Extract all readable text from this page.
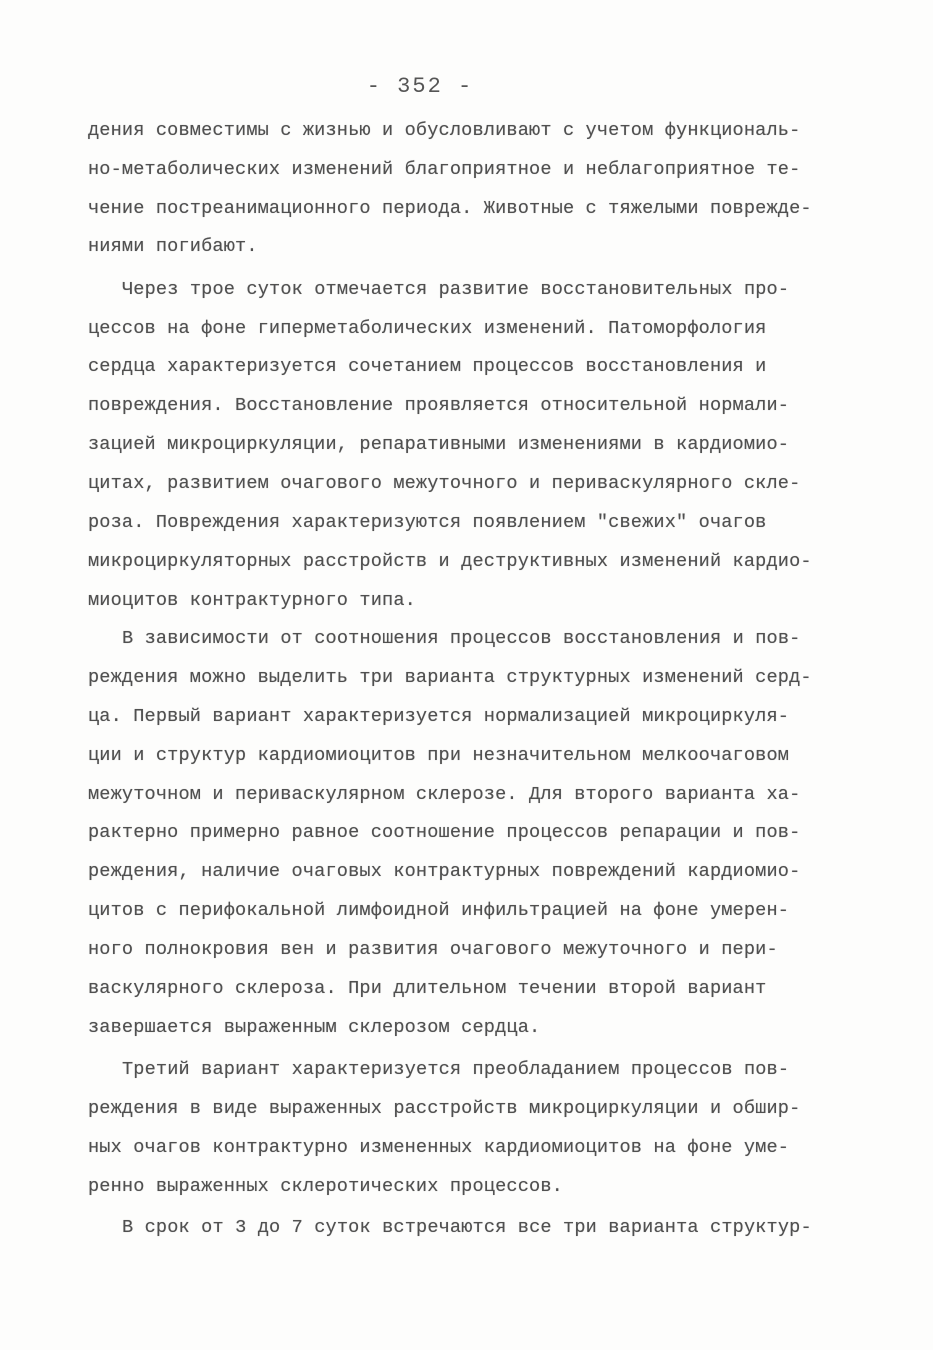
- 352 -
дения совместимы с жизнью и обусловливают с учетом функциональ-
но-метаболических изменений благоприятное и неблагоприятное те-
чение постреанимационного периода. Животные с тяжелыми поврежде-
ниями погибают.
Через трое суток отмечается развитие восстановительных про-
цессов на фоне гиперметаболических изменений. Патоморфология
сердца характеризуется сочетанием процессов восстановления и
повреждения. Восстановление проявляется относительной нормали-
зацией микроциркуляции, репаративными изменениями в кардиомио-
цитах, развитием очагового межуточного и периваскулярного скле-
роза. Повреждения характеризуются появлением "свежих" очагов
микроциркуляторных расстройств и деструктивных изменений кардио-
миоцитов контрактурного типа.
В зависимости от соотношения процессов восстановления и пов-
реждения можно выделить три варианта структурных изменений серд-
ца. Первый вариант характеризуется нормализацией микроциркуля-
ции и структур кардиомиоцитов при незначительном мелкоочаговом
межуточном и периваскулярном склерозе. Для второго варианта ха-
рактерно примерно равное соотношение процессов репарации и пов-
реждения, наличие очаговых контрактурных повреждений кардиомио-
цитов с перифокальной лимфоидной инфильтрацией на фоне умерен-
ного полнокровия вен и развития очагового межуточного и пери-
васкулярного склероза. При длительном течении второй вариант
завершается выраженным склерозом сердца.
Третий вариант характеризуется преобладанием процессов пов-
реждения в виде выраженных расстройств микроциркуляции и обшир-
ных очагов контрактурно измененных кардиомиоцитов на фоне уме-
ренно выраженных склеротических процессов.
В срок от 3 до 7 суток встречаются все три варианта структур-
